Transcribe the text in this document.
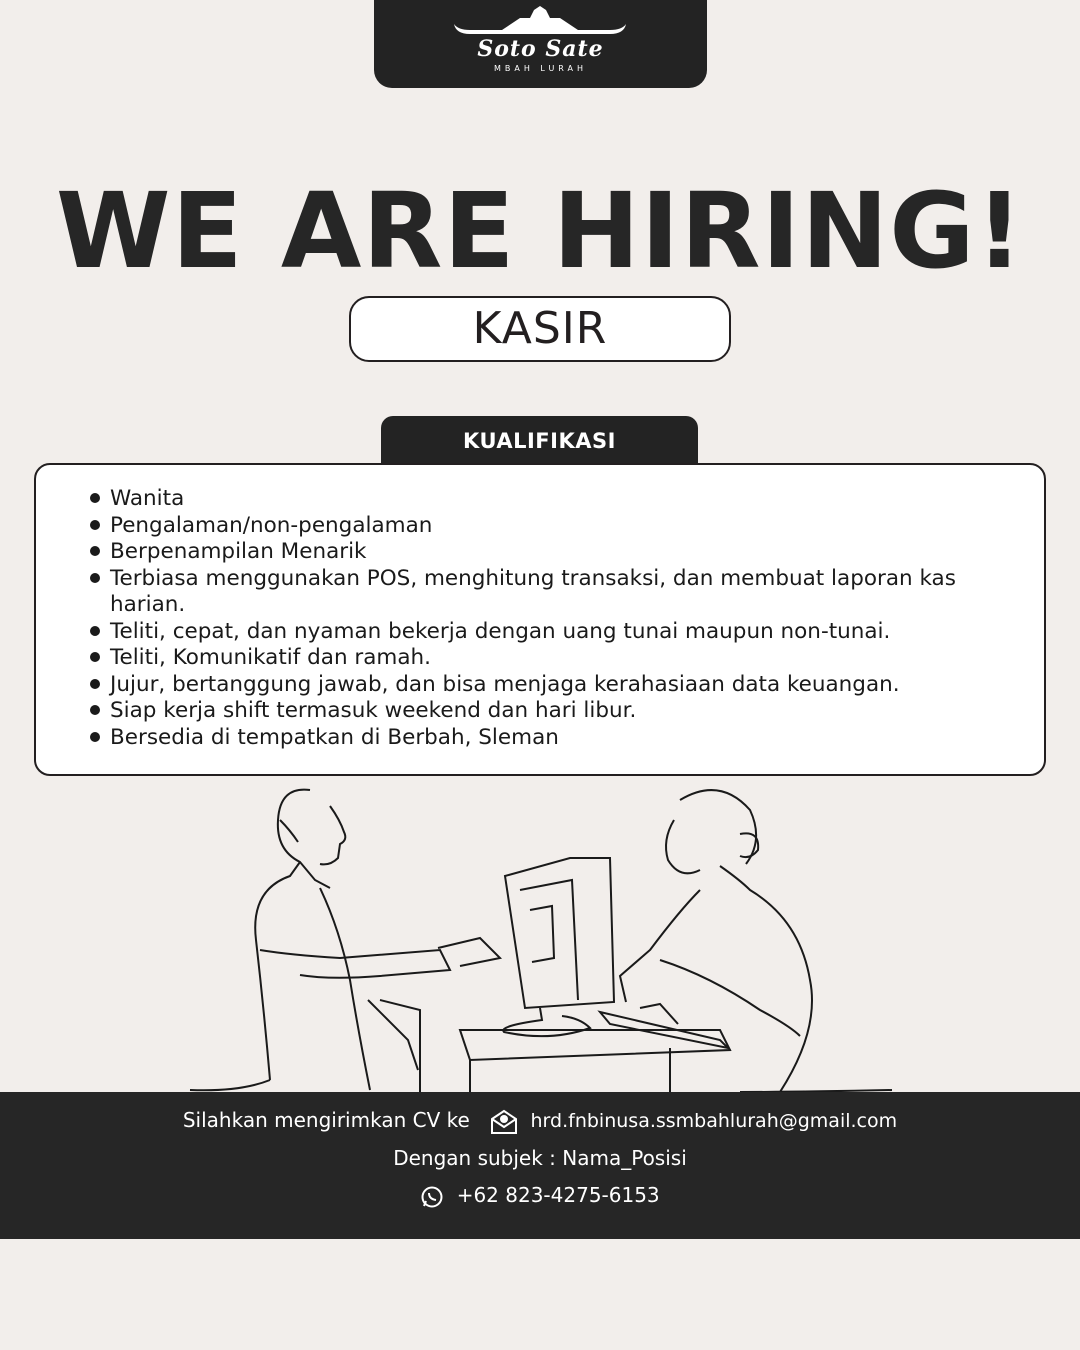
Soto Sate
MBAH LURAH
WE ARE HIRING!
KASIR
KUALIFIKASI
Wanita
Pengalaman/non-pengalaman
Berpenampilan Menarik
Terbiasa menggunakan POS, menghitung transaksi, dan membuat laporan kas harian.
Teliti, cepat, dan nyaman bekerja dengan uang tunai maupun non-tunai.
Teliti, Komunikatif dan ramah.
Jujur, bertanggung jawab, dan bisa menjaga kerahasiaan data keuangan.
Siap kerja shift termasuk weekend dan hari libur.
Bersedia di tempatkan di Berbah, Sleman
Silahkan mengirimkan CV ke	hrd.fnbinusa.ssmbahlurah@gmail.com
Dengan subjek : Nama_Posisi
+62 823-4275-6153
